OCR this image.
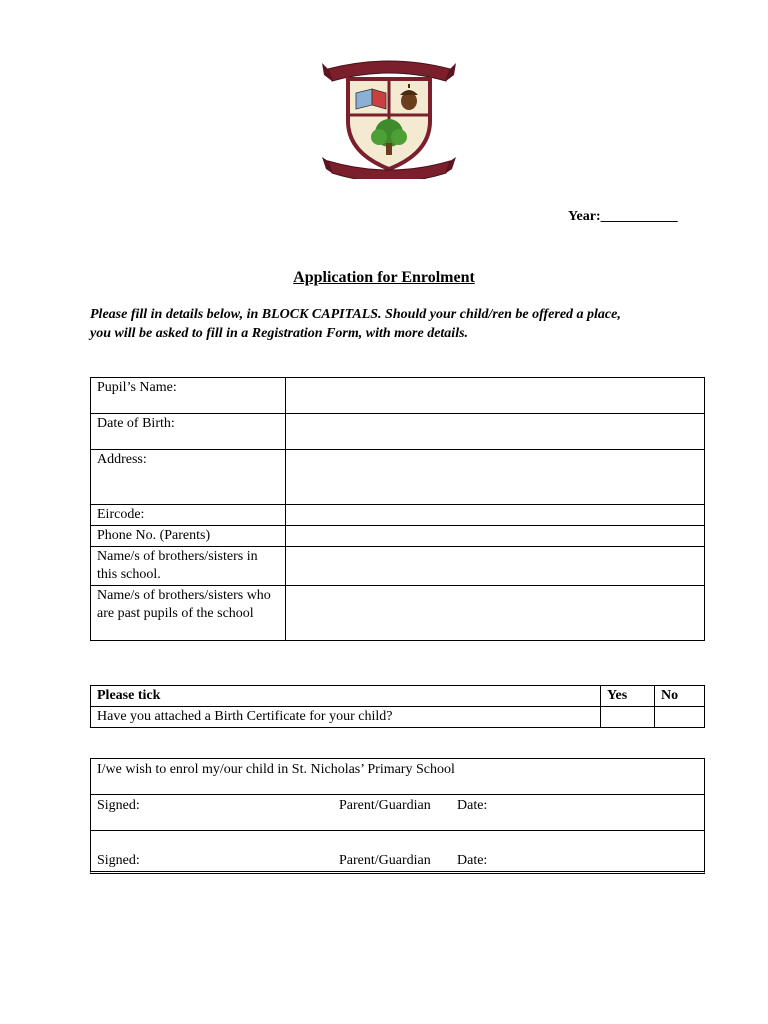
Year:___________
Application for Enrolment

Please fill in details below, in BLOCK CAPITALS. Should your child/ren be offered a place,

you will be asked to fill in a Registration Form, with more details.

Pupil’s Name:	
Date of Birth:	
Address:	
Eircode:	
Phone No. (Parents)	
Name/s of brothers/sisters in this school.	
Name/s of brothers/sisters who are past pupils of the school	
Please tick	Yes	No
Have you attached a Birth Certificate for your child?		
I/we wish to enrol my/our child in St. Nicholas’ Primary School
Signed:	Parent/Guardian Date:
Signed:	Parent/Guardian Date:
